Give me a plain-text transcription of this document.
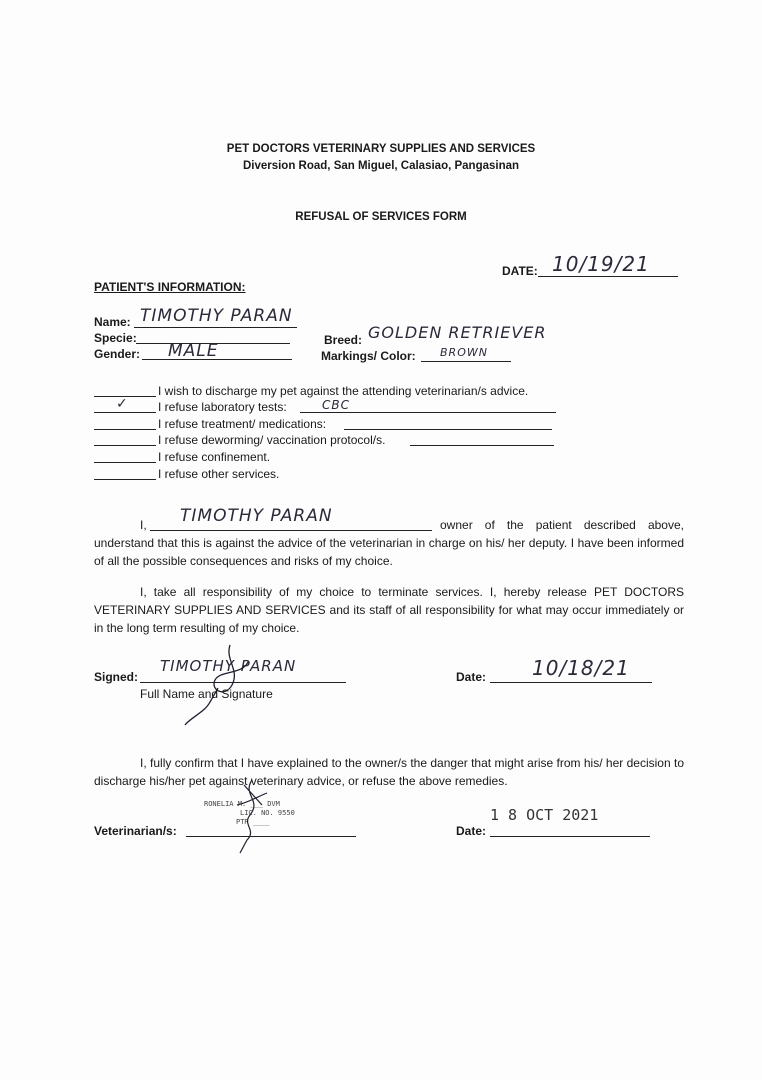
PET DOCTORS VETERINARY SUPPLIES AND SERVICES
Diversion Road, San Miguel, Calasiao, Pangasinan
REFUSAL OF SERVICES FORM
DATE: 10/19/21
PATIENT'S INFORMATION:
Name: TIMOTHY PARAN
Specie:	Breed: GOLDEN RETRIEVER
Gender: MALE	Markings/ Color: BROWN
I wish to discharge my pet against the attending veterinarian/s advice.
✓ I refuse laboratory tests:	CBC
I refuse treatment/ medications:
I refuse deworming/ vaccination protocol/s.
I refuse confinement.
I refuse other services.
I, TIMOTHY PARAN	owner of the patient described above,
understand that this is against the advice of the veterinarian in charge on his/ her deputy. I have been informed of all the possible consequences and risks of my choice.
I, take all responsibility of my choice to terminate services. I, hereby release PET DOCTORS VETERINARY SUPPLIES AND SERVICES and its staff of all responsibility for what may occur immediately or in the long term resulting of my choice.
Signed:
TIMOTHY PARAN
Full Name and Signature
Date: 10/18/21
I, fully confirm that I have explained to the owner/s the danger that might arise from his/ her decision to discharge his/her pet against veterinary advice, or refuse the above remedies.
RONELIA M. ___ DVM
LIC. NO. 9550
PTR ____
Veterinarian/s:	Date:
1 8 OCT 2021
